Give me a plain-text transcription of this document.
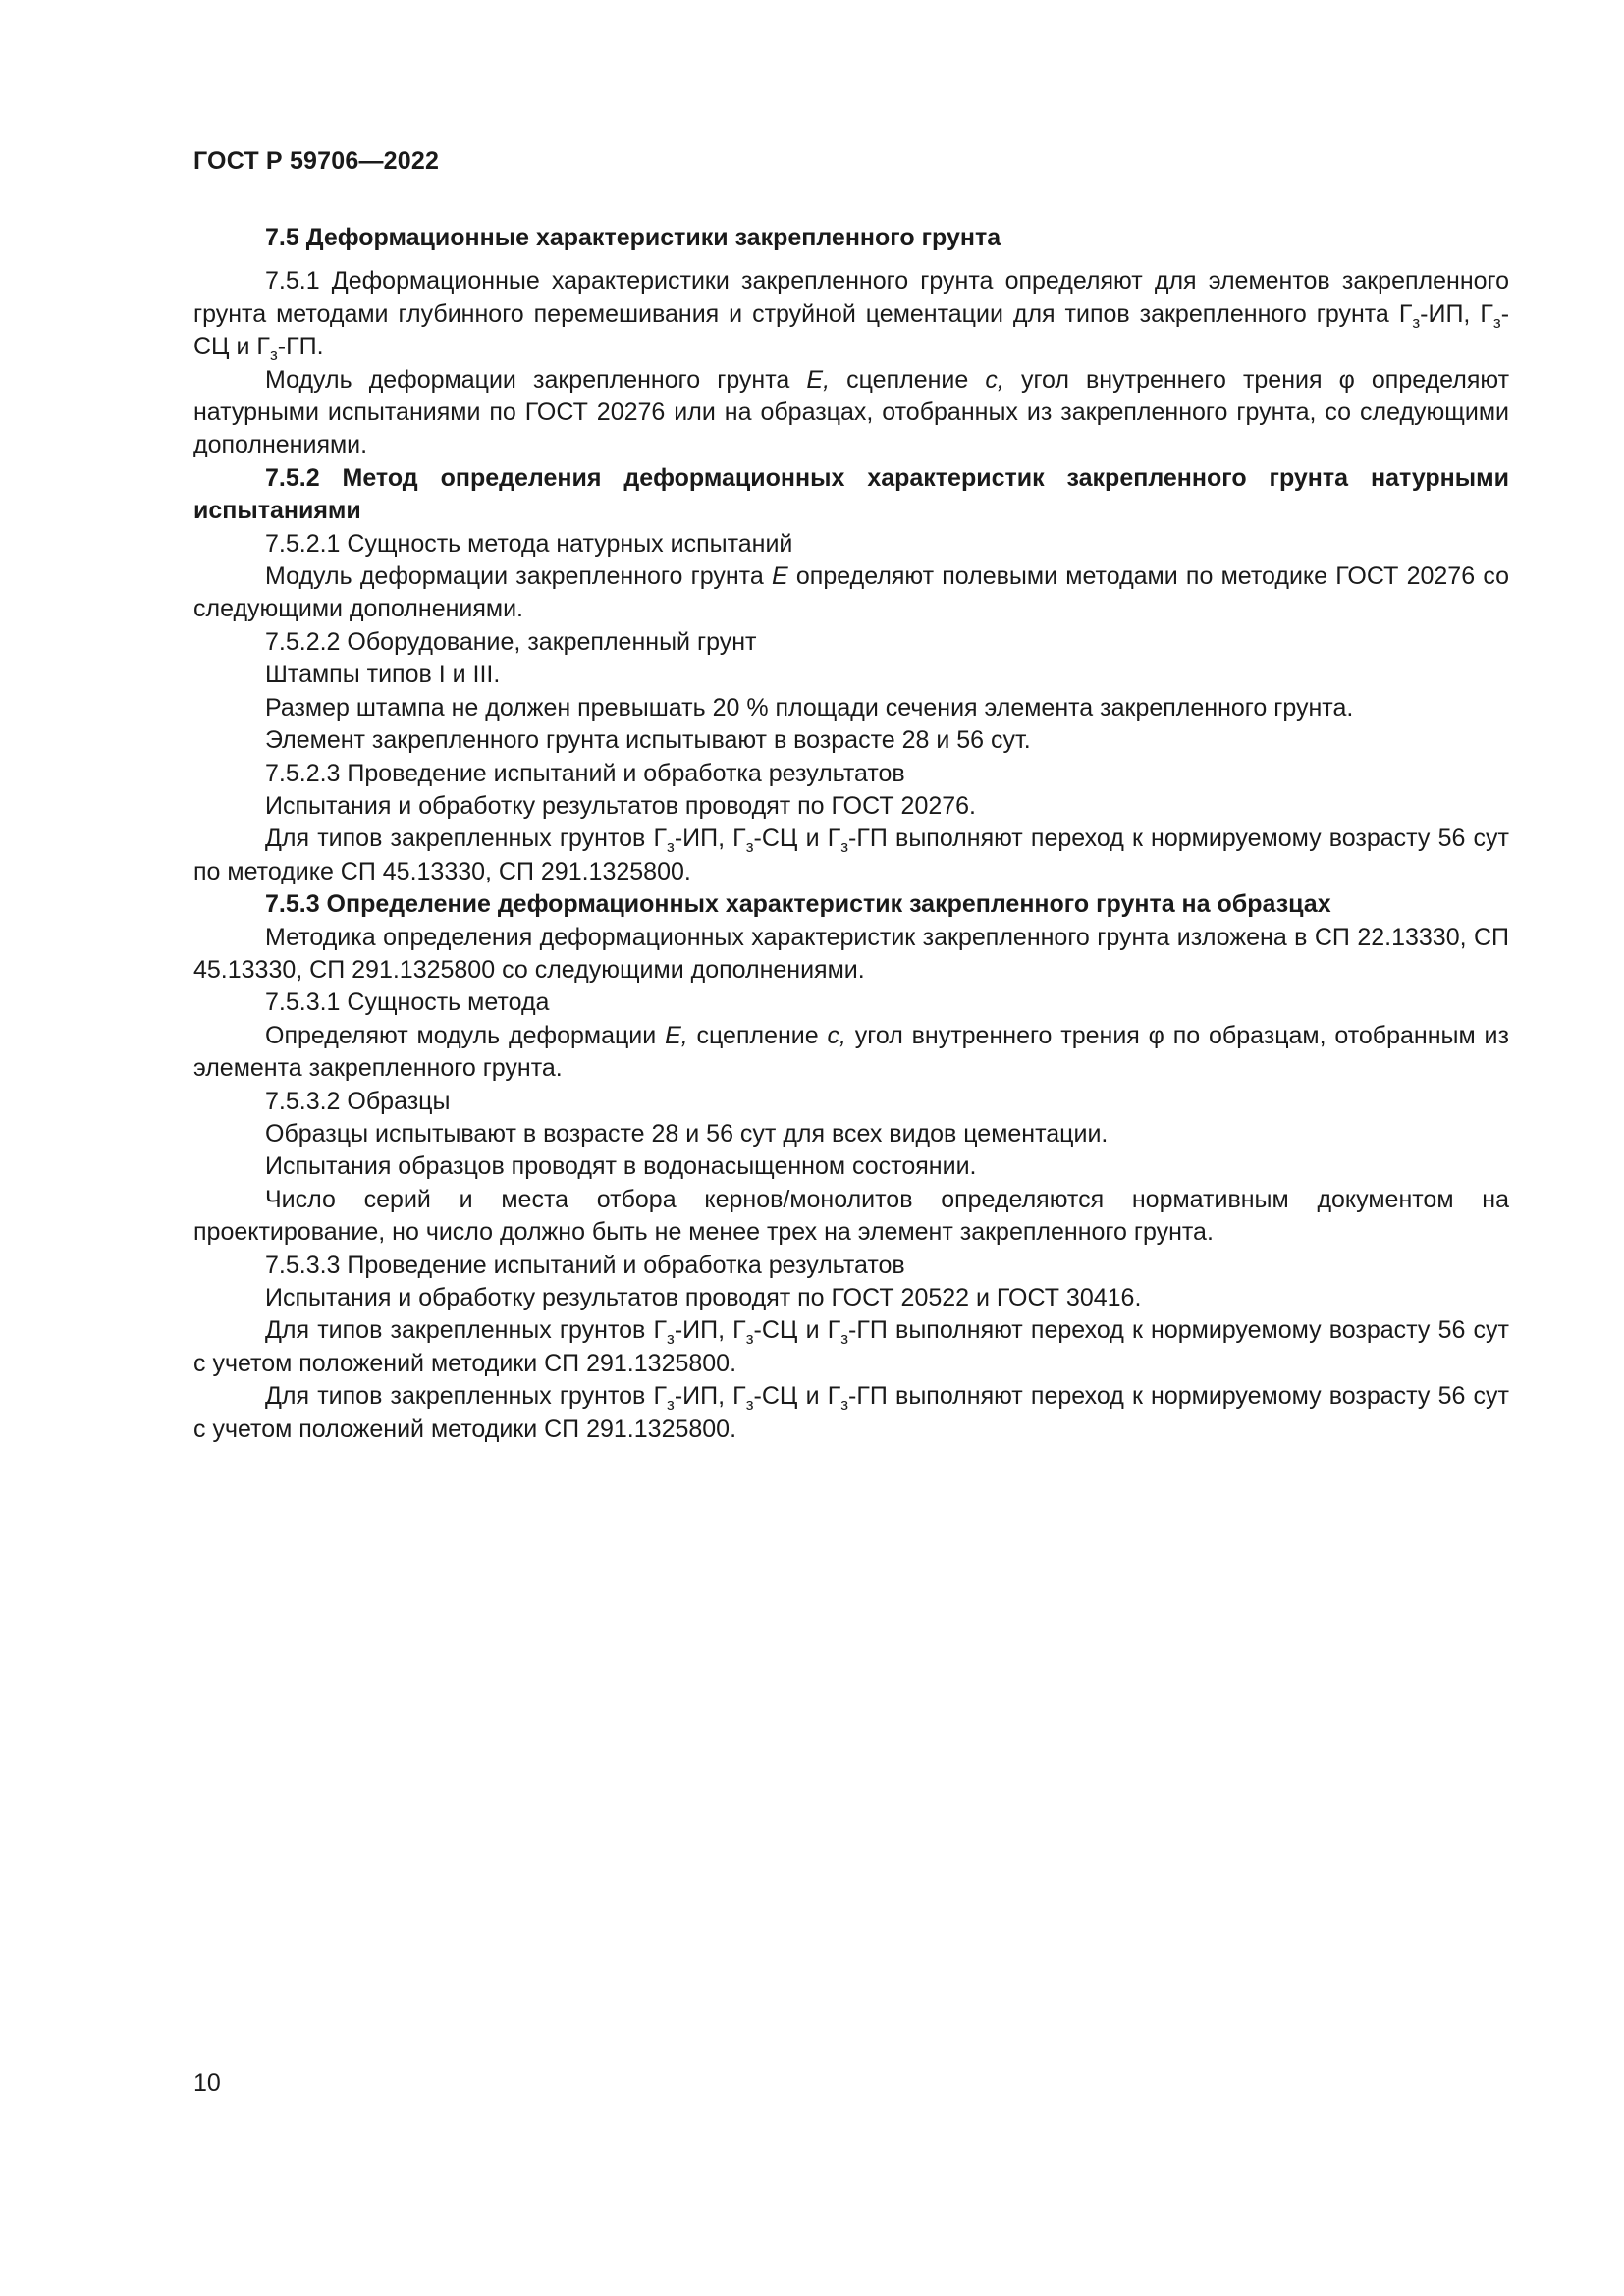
ГОСТ Р 59706—2022

7.5 Деформационные характеристики закрепленного грунта

7.5.1 Деформационные характеристики закрепленного грунта определяют для элементов закрепленного грунта методами глубинного перемешивания и струйной цементации для типов закрепленного грунта $Г_з-ИП$, $Г_з-СЦ$ и $Г_з-ГП$.

Модуль деформации закрепленного грунта E, сцепление c, угол внутреннего трения φ определяют натурными испытаниями по ГОСТ 20276 или на образцах, отобранных из закрепленного грунта, со следующими дополнениями.

7.5.2 Метод определения деформационных характеристик закрепленного грунта натурными испытаниями

7.5.2.1 Сущность метода натурных испытаний

Модуль деформации закрепленного грунта E определяют полевыми методами по методике ГОСТ 20276 со следующими дополнениями.

7.5.2.2 Оборудование, закрепленный грунт

Штампы типов I и III.

Размер штампа не должен превышать 20 % площади сечения элемента закрепленного грунта.

Элемент закрепленного грунта испытывают в возрасте 28 и 56 сут.

7.5.2.3 Проведение испытаний и обработка результатов

Испытания и обработку результатов проводят по ГОСТ 20276.

Для типов закрепленных грунтов $Г_з-ИП$, $Г_з-СЦ$ и $Г_з-ГП$ выполняют переход к нормируемому возрасту 56 сут по методике СП 45.13330, СП 291.1325800.

7.5.3 Определение деформационных характеристик закрепленного грунта на образцах

Методика определения деформационных характеристик закрепленного грунта изложена в СП 22.13330, СП 45.13330, СП 291.1325800 со следующими дополнениями.

7.5.3.1 Сущность метода

Определяют модуль деформации E, сцепление c, угол внутреннего трения φ по образцам, отобранным из элемента закрепленного грунта.

7.5.3.2 Образцы

Образцы испытывают в возрасте 28 и 56 сут для всех видов цементации.

Испытания образцов проводят в водонасыщенном состоянии.

Число серий и места отбора кернов/монолитов определяются нормативным документом на проектирование, но число должно быть не менее трех на элемент закрепленного грунта.

7.5.3.3 Проведение испытаний и обработка результатов

Испытания и обработку результатов проводят по ГОСТ 20522 и ГОСТ 30416.

Для типов закрепленных грунтов $Г_з-ИП$, $Г_з-СЦ$ и $Г_з-ГП$ выполняют переход к нормируемому возрасту 56 сут с учетом положений методики СП 291.1325800.

Для типов закрепленных грунтов $Г_з-ИП$, $Г_з-СЦ$ и $Г_з-ГП$ выполняют переход к нормируемому возрасту 56 сут с учетом положений методики СП 291.1325800.

10
